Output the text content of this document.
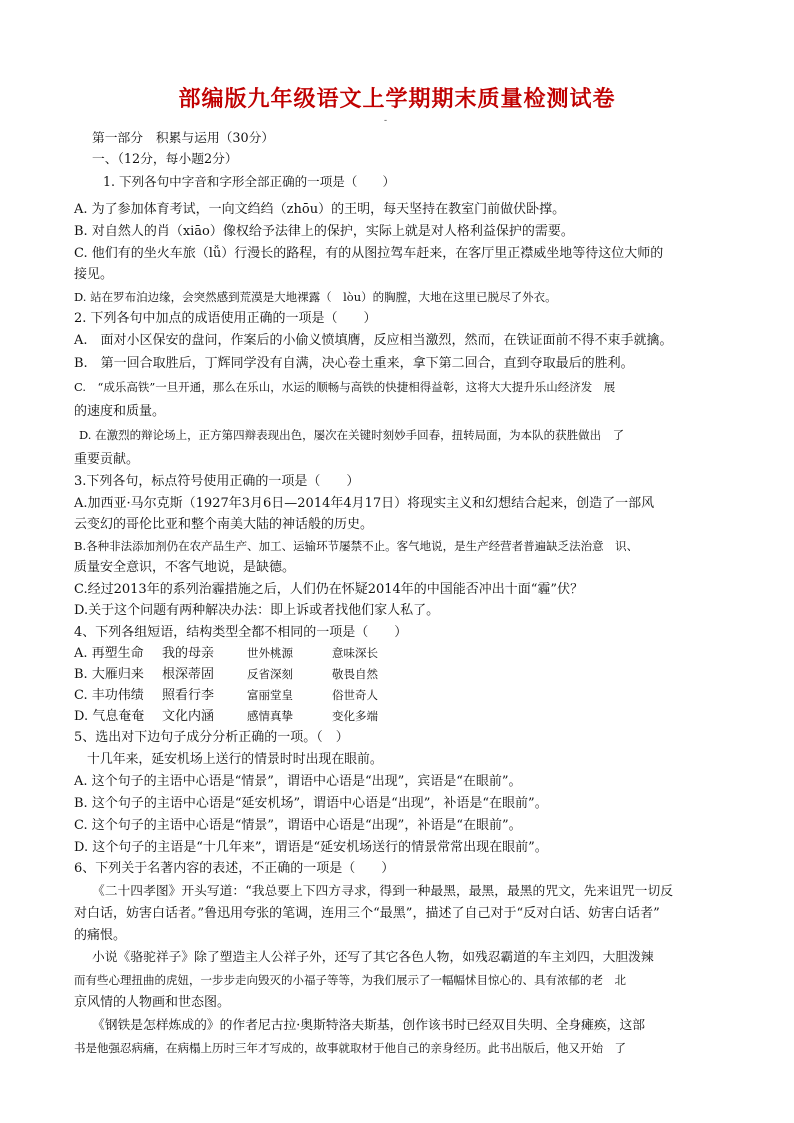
部编版九年级语文上学期期末质量检测试卷
-
第一部分　积累与运用（30分）
一、（12分，每小题2分）
1. 下列各句中字音和字形全部正确的一项是（　　）
A. 为了参加体育考试，一向文绉绉（zhōu）的王明，每天坚持在教室门前做伏卧撑。
B. 对自然人的肖（xiāo）像权给予法律上的保护，实际上就是对人格利益保护的需要。
C. 他们有的坐火车旅（lǚ）行漫长的路程，有的从图拉驾车赶来，在客厅里正襟威坐地等待这位大师的
接见。
D. 站在罗布泊边缘，会突然感到荒漠是大地裸露（　lòu）的胸膛，大地在这里已脱尽了外衣。
2. 下列各句中加点的成语使用正确的一项是（　　）
A.　面对小区保安的盘问，作案后的小偷义愤填膺，反应相当激烈，然而，在铁证面前不得不束手就擒。
B.　第一回合取胜后，丁辉同学没有自满，决心卷土重来，拿下第二回合，直到夺取最后的胜利。
C.　“成乐高铁”一旦开通，那么在乐山，水运的顺畅与高铁的快捷相得益彰，这将大大提升乐山经济发　展
的速度和质量。
D. 在激烈的辩论场上，正方第四辩表现出色，屡次在关键时刻妙手回春，扭转局面，为本队的获胜做出　了
重要贡献。
3.下列各句，标点符号使用正确的一项是（　　）
A.加西亚·马尔克斯（1927年3月6日—2014年4月17日）将现实主义和幻想结合起来，创造了一部风
云变幻的哥伦比亚和整个南美大陆的神话般的历史。
B.各种非法添加剂仍在农产品生产、加工、运输环节屡禁不止。客气地说，是生产经营者普遍缺乏法治意　识、
质量安全意识，不客气地说，是缺德。
C.经过2013年的系列治霾措施之后，人们仍在怀疑2014年的中国能否冲出十面“霾”伏？
D.关于这个问题有两种解决办法：即上诉或者找他们家人私了。
4、下列各组短语，结构类型全都不相同的一项是（　　）
A. 再塑生命 我的母亲	世外桃源	意味深长
B. 大雁归来 根深蒂固	反省深刻	敬畏自然
C. 丰功伟绩 照看行李	富丽堂皇	俗世奇人
D. 气息奄奄 文化内涵	感情真挚	变化多端
5、选出对下边句子成分分析正确的一项。（　）
十几年来，延安机场上送行的情景时时出现在眼前。
A. 这个句子的主语中心语是“情景”，谓语中心语是“出现”，宾语是“在眼前”。
B. 这个句子的主语中心语是“延安机场”，谓语中心语是“出现”，补语是“在眼前”。
C. 这个句子的主语中心语是“情景”，谓语中心语是“出现”，补语是“在眼前”。
D. 这个句子的主语是“十几年来”，谓语是“延安机场送行的情景常常出现在眼前”。
6、下列关于名著内容的表述，不正确的一项是（　　）
《二十四孝图》开头写道：“我总要上下四方寻求，得到一种最黑，最黑，最黑的咒文，先来诅咒一切反
对白话，妨害白话者。”鲁迅用夸张的笔调，连用三个“最黑”，描述了自己对于“反对白话、妨害白话者”
的痛恨。
小说《骆驼祥子》除了塑造主人公祥子外，还写了其它各色人物，如残忍霸道的车主刘四，大胆泼辣
而有些心理扭曲的虎妞，一步步走向毁灭的小福子等等，为我们展示了一幅幅怵目惊心的、具有浓郁的老　北
京风情的人物画和世态图。
《钢铁是怎样炼成的》的作者尼古拉·奥斯特洛夫斯基，创作该书时已经双目失明、全身瘫痪，这部
书是他强忍病痛，在病榻上历时三年才写成的，故事就取材于他自己的亲身经历。此书出版后，他又开始　了
